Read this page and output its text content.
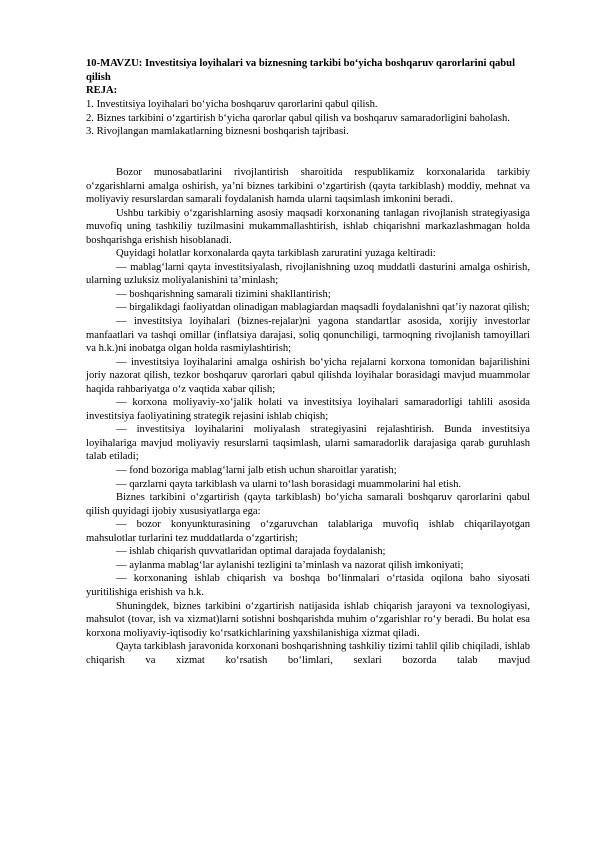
10-MAVZU: Investitsiya loyihalari va biznesning tarkibi bo‘yicha boshqaruv qarorlarini qabul qilish
REJA:
1. Investitsiya loyihalari bo‘yicha boshqaruv qarorlarini qabul qilish.
2. Biznes tarkibini o‘zgartirish b‘yicha qarorlar qabul qilish va boshqaruv samaradorligini baholash.
3. Rivojlangan mamlakatlarning biznesni boshqarish tajribasi.

Bozor munosabatlarini rivojlantirish sharoitida respublikamiz korxonalarida tarkibiy o‘zgarishlarni amalga oshirish, ya’ni biznes tarkibini o‘zgartirish (qayta tarkiblash) moddiy, mehnat va moliyaviy resurslardan samarali foydalanish hamda ularni taqsimlash imkonini beradi.

Ushbu tarkibiy o‘zgarishlarning asosiy maqsadi korxonaning tanlagan rivojlanish strategiyasiga muvofiq uning tashkiliy tuzilmasini mukammallashtirish, ishlab chiqarishni markazlashmagan holda boshqarishga erishish hisoblanadi.

Quyidagi holatlar korxonalarda qayta tarkiblash zaruratini yuzaga keltiradi:

— mablag‘larni qayta investitsiyalash, rivojlanishning uzoq muddatli dasturini amalga oshirish, ularning uzluksiz moliyalanishini ta’minlash;

— boshqarishning samarali tizimini shakllantirish;

— birgalikdagi faoliyatdan olinadigan mablagiardan maqsadli foydalanishni qat’iy nazorat qilish;

— investitsiya loyihalari (biznes-rejalar)ni yagona standartlar asosida, xorijiy investorlar manfaatlari va tashqi omillar (inflatsiya darajasi, soliq qonunchiligi, tarmoqning rivojlanish tamoyillari va h.k.)ni inobatga olgan holda rasmiylashtirish;

— investitsiya loyihalarini amalga oshirish bo‘yicha rejalarni korxona tomonidan bajarilishini joriy nazorat qilish, tezkor boshqaruv qarorlari qabul qilishda loyihalar borasidagi mavjud muammolar haqida rahbariyatga o‘z vaqtida xabar qilish;

— korxona moliyaviy-xo‘jalik holati va investitsiya loyihalari samaradorligi tahlili asosida investitsiya faoliyatining strategik rejasini ishlab chiqish;

— investitsiya loyihalarini moliyalash strategiyasini rejalashtirish. Bunda investitsiya loyihalariga mavjud moliyaviy resurslarni taqsimlash, ularni samaradorlik darajasiga qarab guruhlash talab etiladi;

— fond bozoriga mablag‘larni jalb etish uchun sharoitlar yaratish;

— qarzlarni qayta tarkiblash va ularni to‘lash borasidagi muammolarini hal etish.

Biznes tarkibini o‘zgartirish (qayta tarkiblash) bo‘yicha samarali boshqaruv qarorlarini qabul qilish quyidagi ijobiy xususiyatlarga ega:

— bozor konyunkturasining o‘zgaruvchan talablariga muvofiq ishlab chiqarilayotgan mahsulotlar turlarini tez muddatlarda o‘zgartirish;

— ishlab chiqarish quvvatlaridan optimal darajada foydalanish;

— aylanma mablag‘lar aylanishi tezligini ta’minlash va nazorat qilish imkoniyati;

— korxonaning ishlab chiqarish va boshqa bo‘linmalari o‘rtasida oqilona baho siyosati yuritilishiga erishish va h.k.

Shuningdek, biznes tarkibini o‘zgartirish natijasida ishlab chiqarish jarayoni va texnologiyasi, mahsulot (tovar, ish va xizmat)larni sotishni boshqarishda muhim o‘zgarishlar ro‘y beradi. Bu holat esa korxona moliyaviy-iqtisodiy ko‘rsatkichlarining yaxshilanishiga xizmat qiladi.

Qayta tarkiblash jaravonida korxonani boshqarishning tashkiliy tizimi tahlil qilib chiqiladi, ishlab chiqarish va xizmat ko‘rsatish bo‘limlari, sexlari bozorda talab mavjud
